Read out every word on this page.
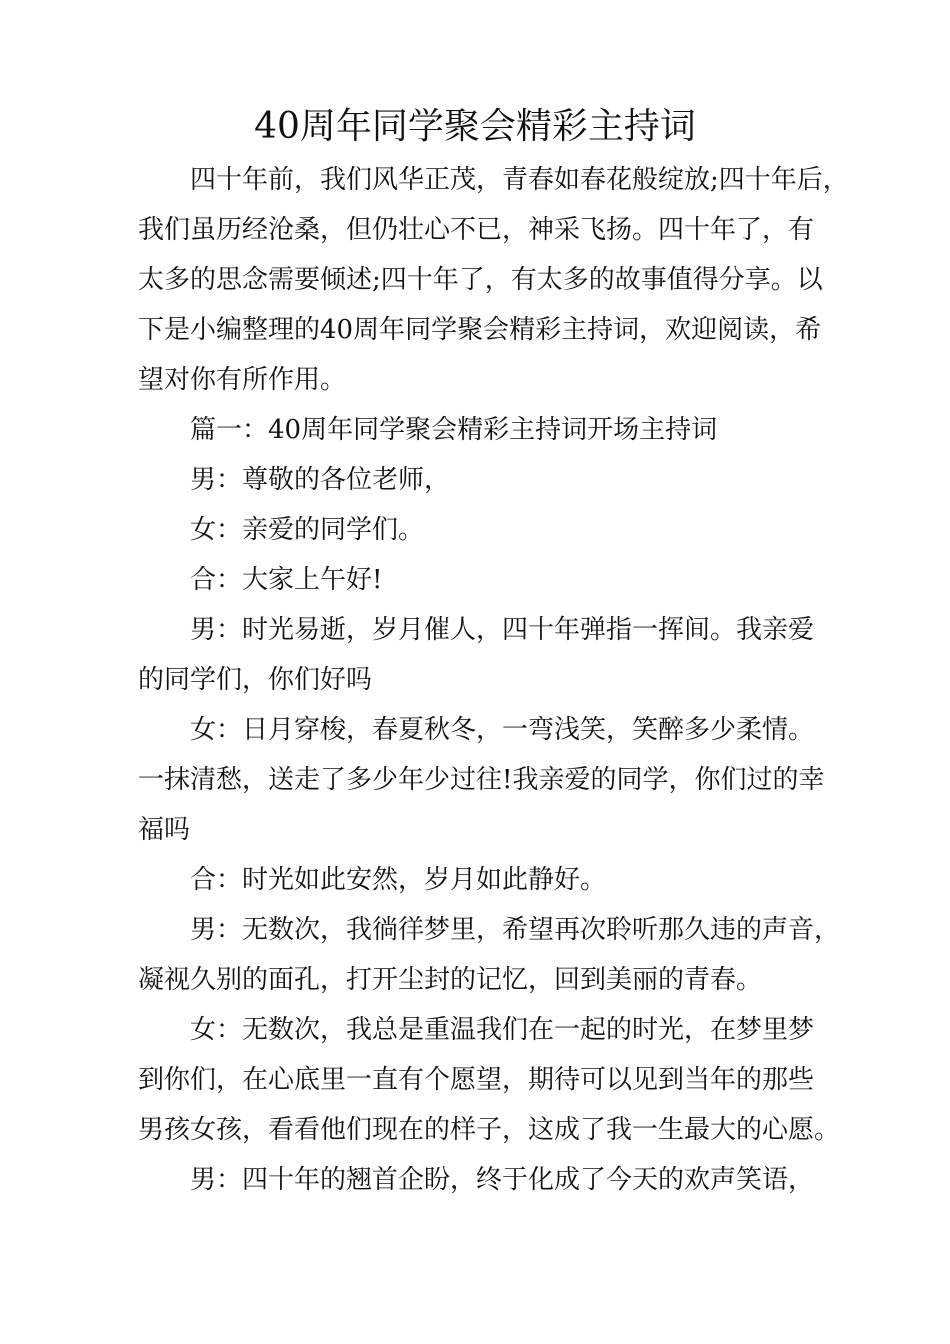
40周年同学聚会精彩主持词

四十年前，我们风华正茂，青春如春花般绽放;四十年后，

我们虽历经沧桑，但仍壮心不已，神采飞扬。四十年了，有

太多的思念需要倾述;四十年了，有太多的故事值得分享。以

下是小编整理的40周年同学聚会精彩主持词，欢迎阅读，希

望对你有所作用。

篇一：40周年同学聚会精彩主持词开场主持词

男：尊敬的各位老师，

女：亲爱的同学们。

合：大家上午好!

男：时光易逝，岁月催人，四十年弹指一挥间。我亲爱

的同学们，你们好吗

女：日月穿梭，春夏秋冬，一弯浅笑，笑醉多少柔情。

一抹清愁，送走了多少年少过往!我亲爱的同学，你们过的幸

福吗

合：时光如此安然，岁月如此静好。

男：无数次，我徜徉梦里，希望再次聆听那久违的声音，

凝视久别的面孔，打开尘封的记忆，回到美丽的青春。

女：无数次，我总是重温我们在一起的时光，在梦里梦

到你们，在心底里一直有个愿望，期待可以见到当年的那些

男孩女孩，看看他们现在的样子，这成了我一生最大的心愿。

男：四十年的翘首企盼，终于化成了今天的欢声笑语，
